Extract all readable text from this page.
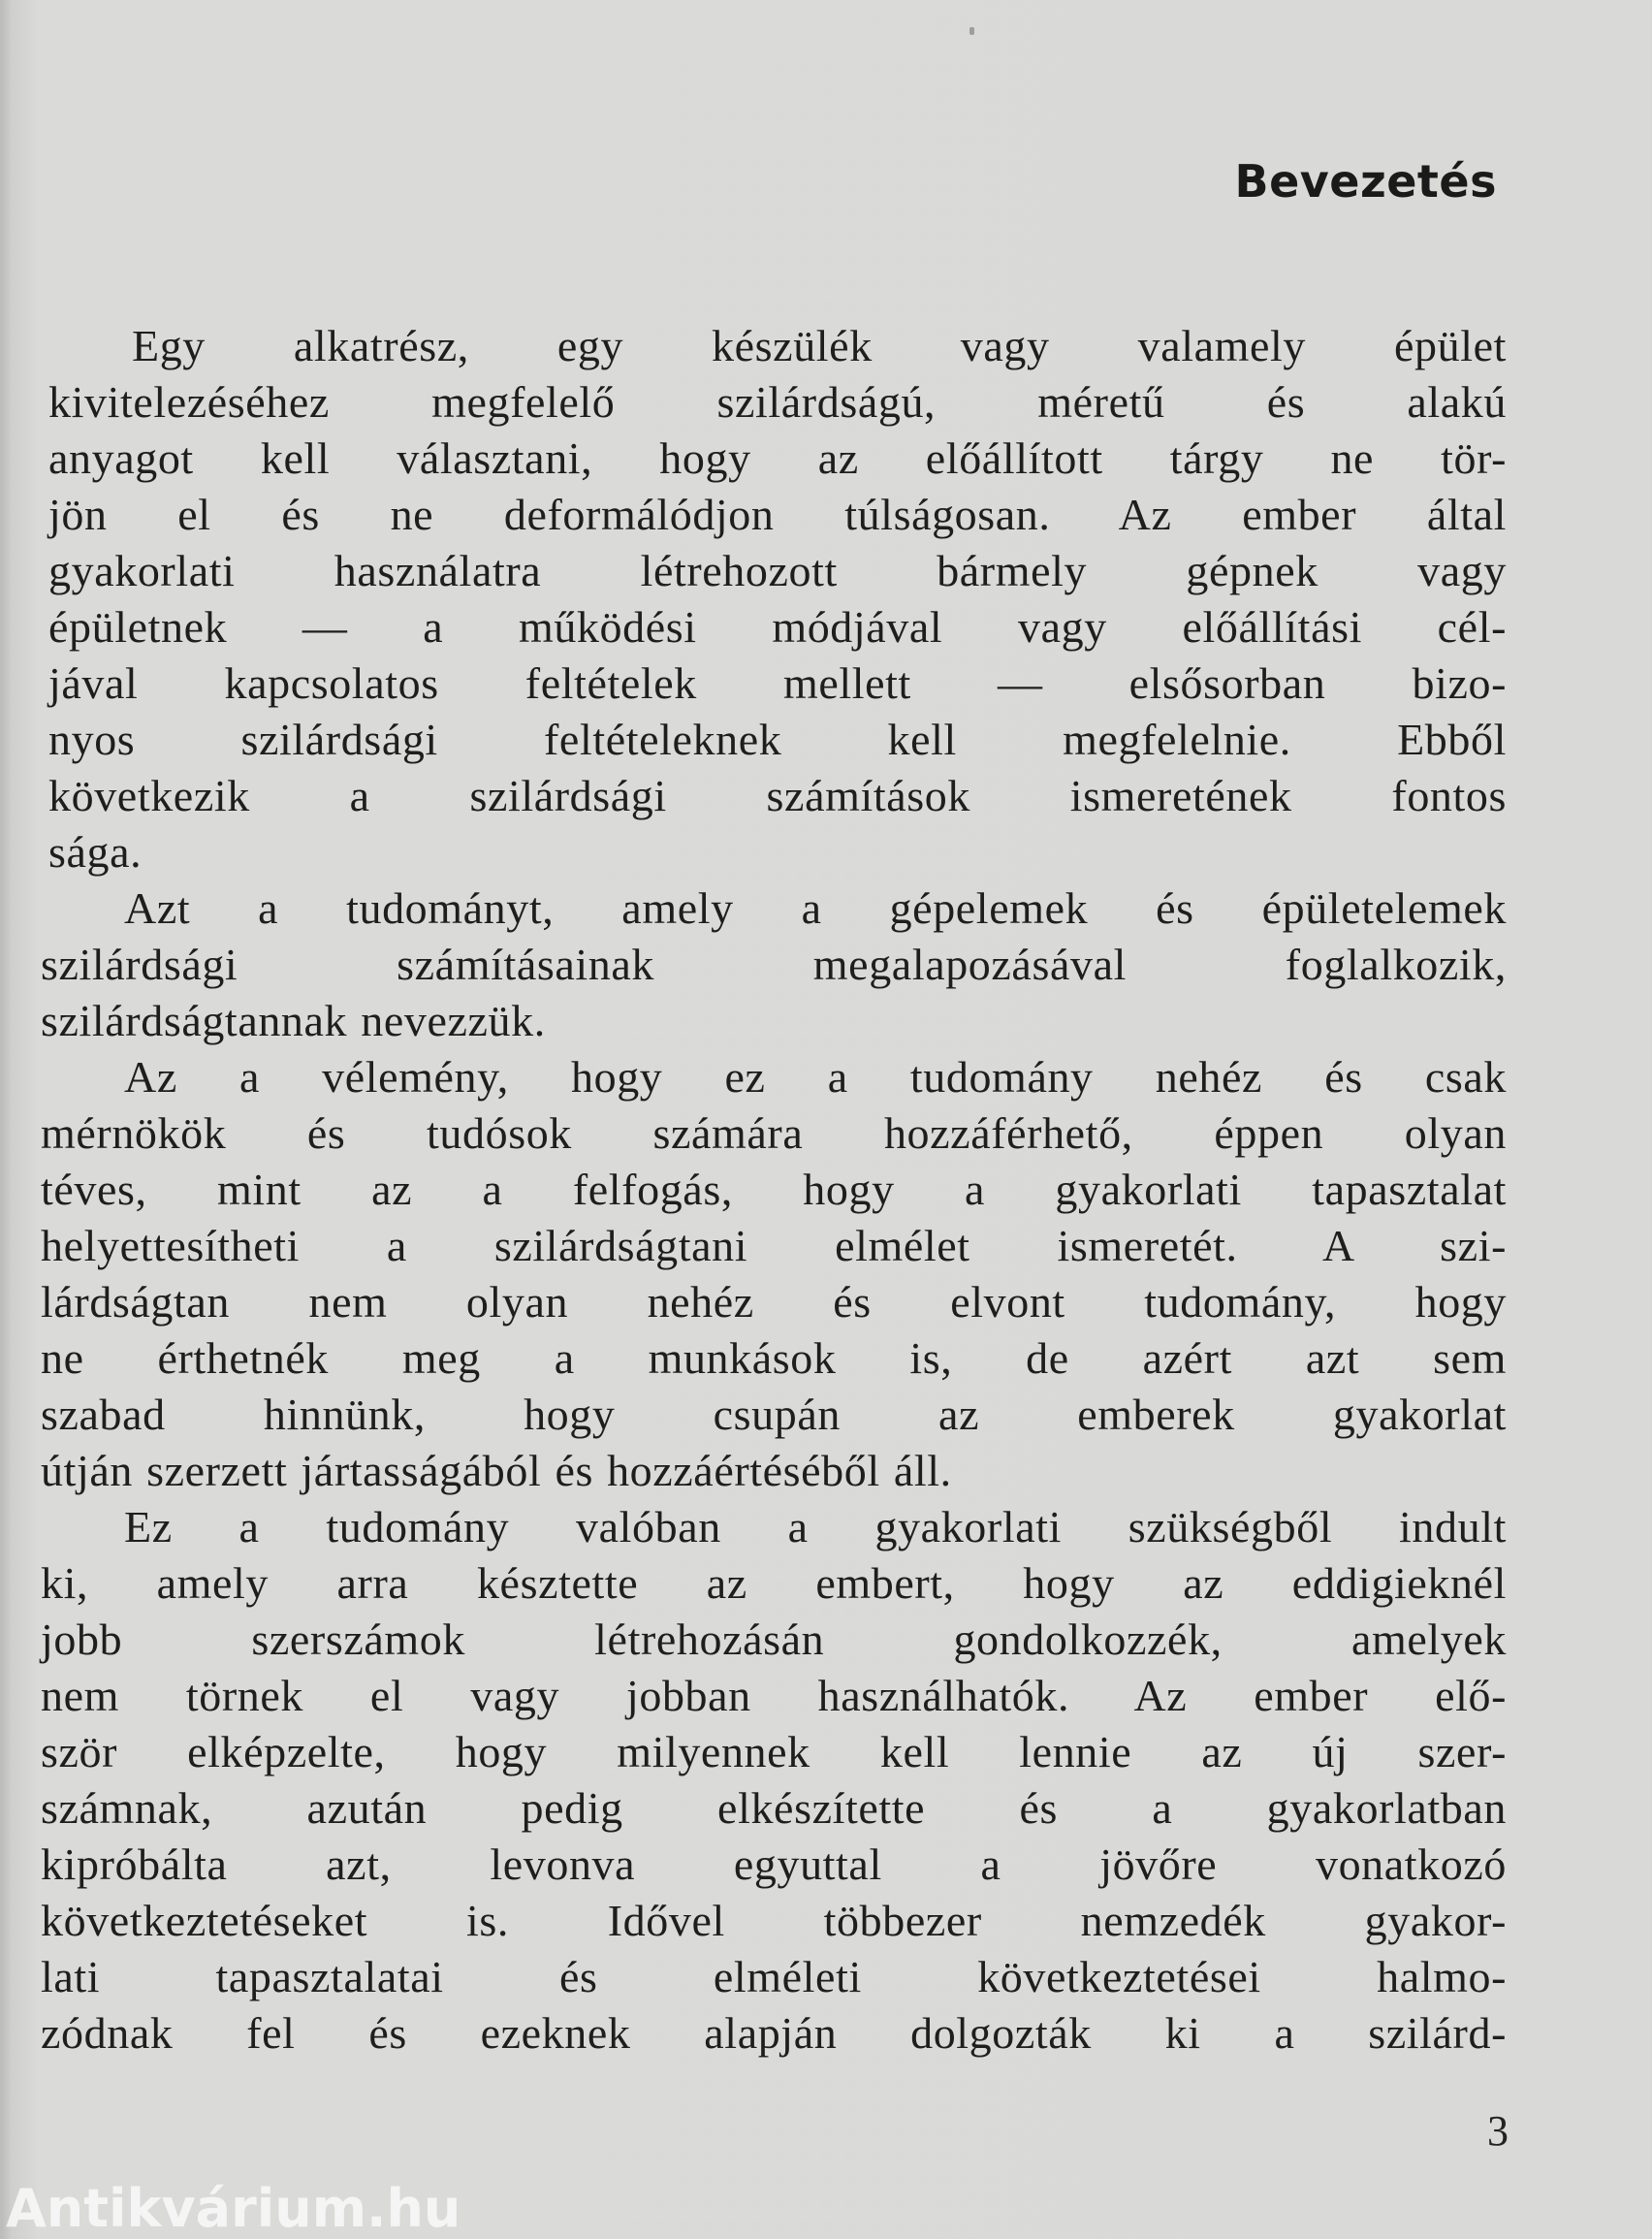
Bevezetés
Egy alkatrész, egy készülék vagy valamely épület
kivitelezéséhez megfelelő szilárdságú, méretű és alakú
anyagot kell választani, hogy az előállított tárgy ne tör-
jön el és ne deformálódjon túlságosan. Az ember által
gyakorlati használatra létrehozott bármely gépnek vagy
épületnek — a működési módjával vagy előállítási cél-
jával kapcsolatos feltételek mellett — elsősorban bizo-
nyos szilárdsági feltételeknek kell megfelelnie. Ebből
következik a szilárdsági számítások ismeretének fontos
sága.
Azt a tudományt, amely a gépelemek és épületelemek
szilárdsági számításainak megalapozásával foglalkozik,
szilárdságtannak nevezzük.
Az a vélemény, hogy ez a tudomány nehéz és csak
mérnökök és tudósok számára hozzáférhető, éppen olyan
téves, mint az a felfogás, hogy a gyakorlati tapasztalat
helyettesítheti a szilárdságtani elmélet ismeretét. A szi-
lárdságtan nem olyan nehéz és elvont tudomány, hogy
ne érthetnék meg a munkások is, de azért azt sem
szabad hinnünk, hogy csupán az emberek gyakorlat
útján szerzett jártasságából és hozzáértéséből áll.
Ez a tudomány valóban a gyakorlati szükségből indult
ki, amely arra késztette az embert, hogy az eddigieknél
jobb szerszámok létrehozásán gondolkozzék, amelyek
nem törnek el vagy jobban használhatók. Az ember elő-
ször elképzelte, hogy milyennek kell lennie az új szer-
számnak, azután pedig elkészítette és a gyakorlatban
kipróbálta azt, levonva egyuttal a jövőre vonatkozó
következtetéseket is. Idővel többezer nemzedék gyakor-
lati tapasztalatai és elméleti következtetései halmo-
zódnak fel és ezeknek alapján dolgozták ki a szilárd-
3
Antikvárium.hu
